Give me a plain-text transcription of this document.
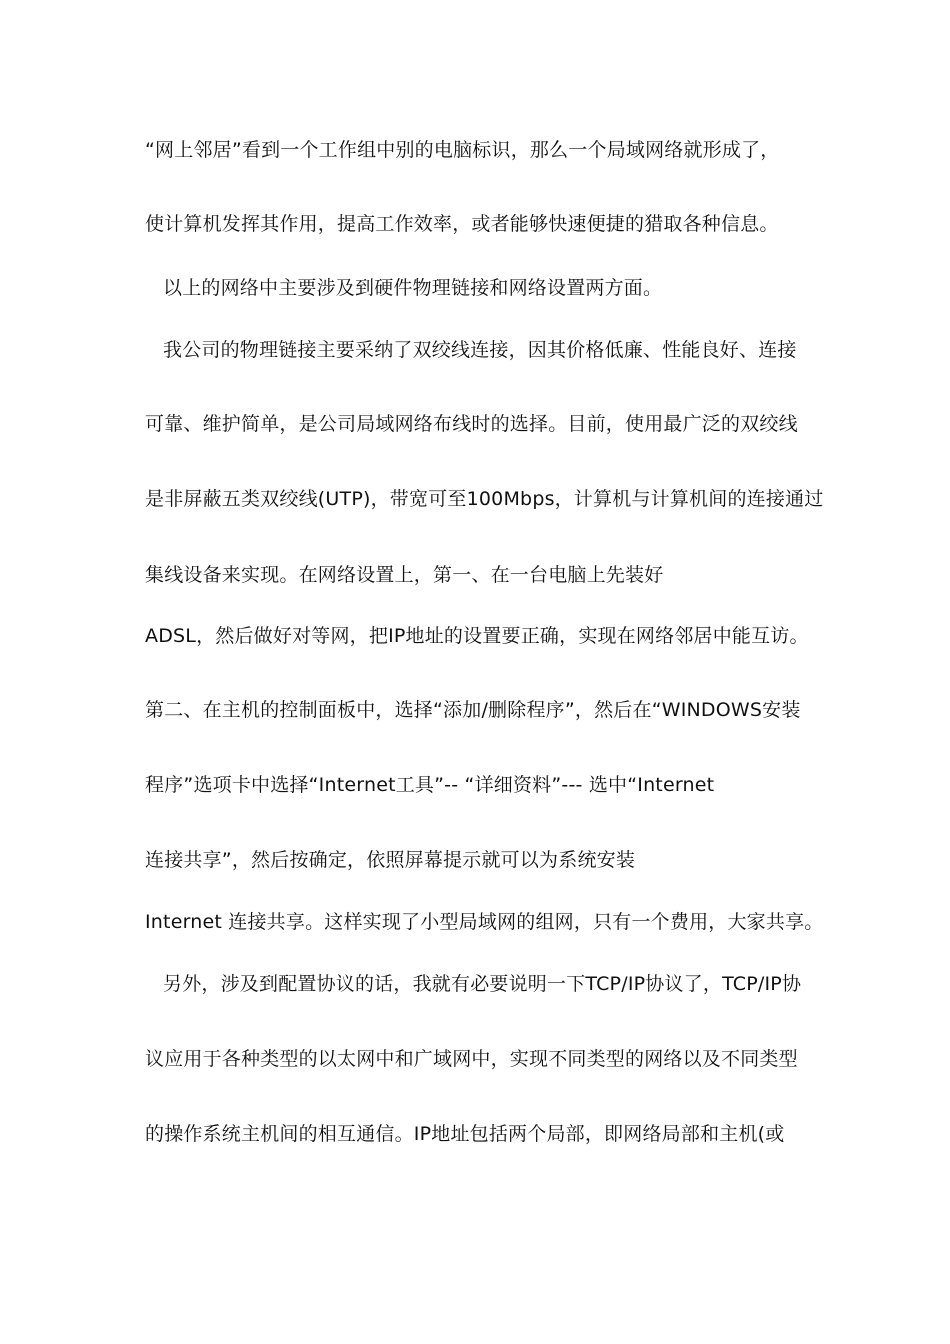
“网上邻居”看到一个工作组中别的电脑标识，那么一个局域网络就形成了，

使计算机发挥其作用，提高工作效率，或者能够快速便捷的猎取各种信息。

以上的网络中主要涉及到硬件物理链接和网络设置两方面。

我公司的物理链接主要采纳了双绞线连接，因其价格低廉、性能良好、连接

可靠、维护简单，是公司局域网络布线时的选择。目前，使用最广泛的双绞线

是非屏蔽五类双绞线(UTP)，带宽可至100Mbps，计算机与计算机间的连接通过

集线设备来实现。在网络设置上，第一、在一台电脑上先装好

ADSL，然后做好对等网，把IP地址的设置要正确，实现在网络邻居中能互访。

第二、在主机的控制面板中，选择“添加/删除程序”，然后在“WINDOWS安装

程序”选项卡中选择“Internet工具”-- “详细资料”--- 选中“Internet

连接共享”，然后按确定，依照屏幕提示就可以为系统安装

Internet 连接共享。这样实现了小型局域网的组网，只有一个费用，大家共享。

另外，涉及到配置协议的话，我就有必要说明一下TCP/IP协议了，TCP/IP协

议应用于各种类型的以太网中和广域网中，实现不同类型的网络以及不同类型

的操作系统主机间的相互通信。IP地址包括两个局部，即网络局部和主机(或
